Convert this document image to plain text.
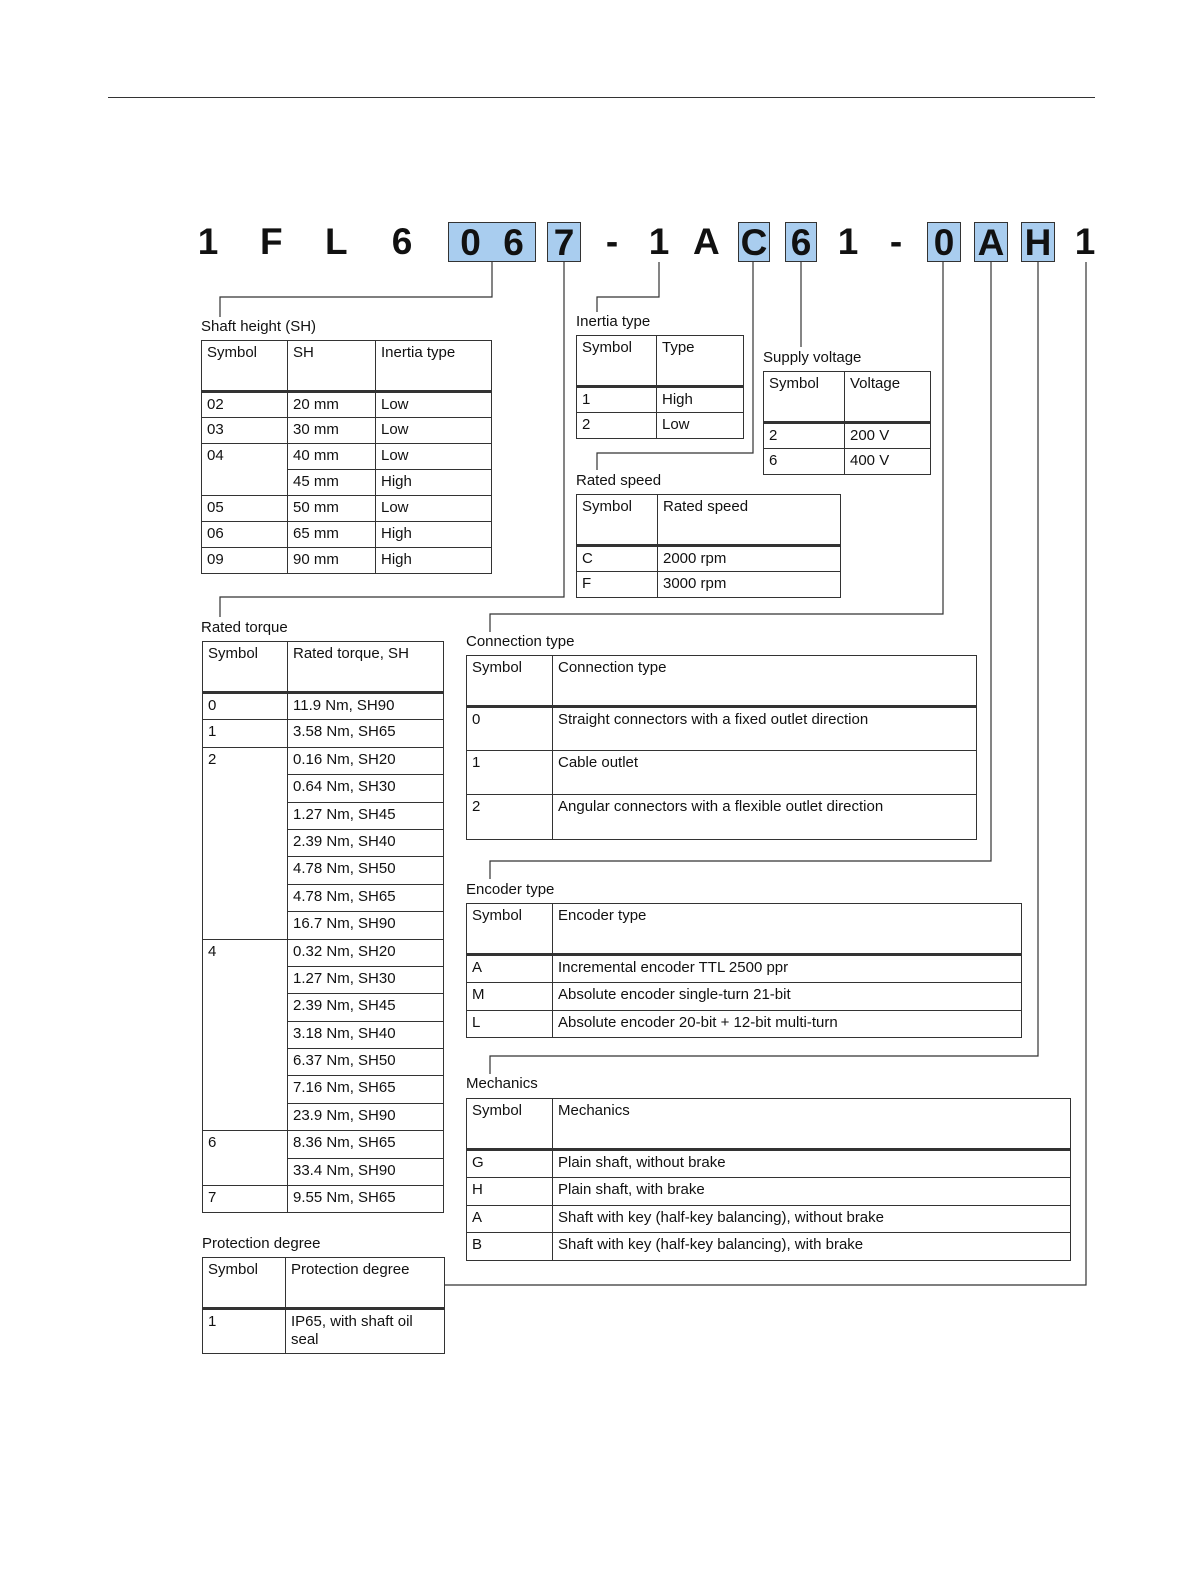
1 F L 6	0 6 7 - 1 A C 6 1 - 0 A H 1
Shaft height (SH)
Symbol	SH	Inertia type
02	20 mm	Low
03	30 mm	Low
04	40 mm	Low
	45 mm	High
05	50 mm	Low
06	65 mm	High
09	90 mm	High
Inertia type
Symbol	Type
1	High
2	Low
Supply voltage
Symbol	Voltage
2	200 V
6	400 V
Rated speed
Symbol	Rated speed
C	2000 rpm
F	3000 rpm
Rated torque
Symbol	Rated torque, SH
0	11.9 Nm, SH90
1	3.58 Nm, SH65
2	0.16 Nm, SH20
	0.64 Nm, SH30
	1.27 Nm, SH45
	2.39 Nm, SH40
	4.78 Nm, SH50
	4.78 Nm, SH65
	16.7 Nm, SH90
4	0.32 Nm, SH20
	1.27 Nm, SH30
	2.39 Nm, SH45
	3.18 Nm, SH40
	6.37 Nm, SH50
	7.16 Nm, SH65
	23.9 Nm, SH90
6	8.36 Nm, SH65
	33.4 Nm, SH90
7	9.55 Nm, SH65
Protection degree
Symbol	Protection degree
1	IP65, with shaft oil seal
Connection type
Symbol	Connection type
0	Straight connectors with a fixed outlet direction
1	Cable outlet
2	Angular connectors with a flexible outlet direction
Encoder type
Symbol	Encoder type
A	Incremental encoder TTL 2500 ppr
M	Absolute encoder single-turn 21-bit
L	Absolute encoder 20-bit + 12-bit multi-turn
Mechanics
Symbol	Mechanics
G	Plain shaft, without brake
H	Plain shaft, with brake
A	Shaft with key (half-key balancing), without brake
B	Shaft with key (half-key balancing), with brake
